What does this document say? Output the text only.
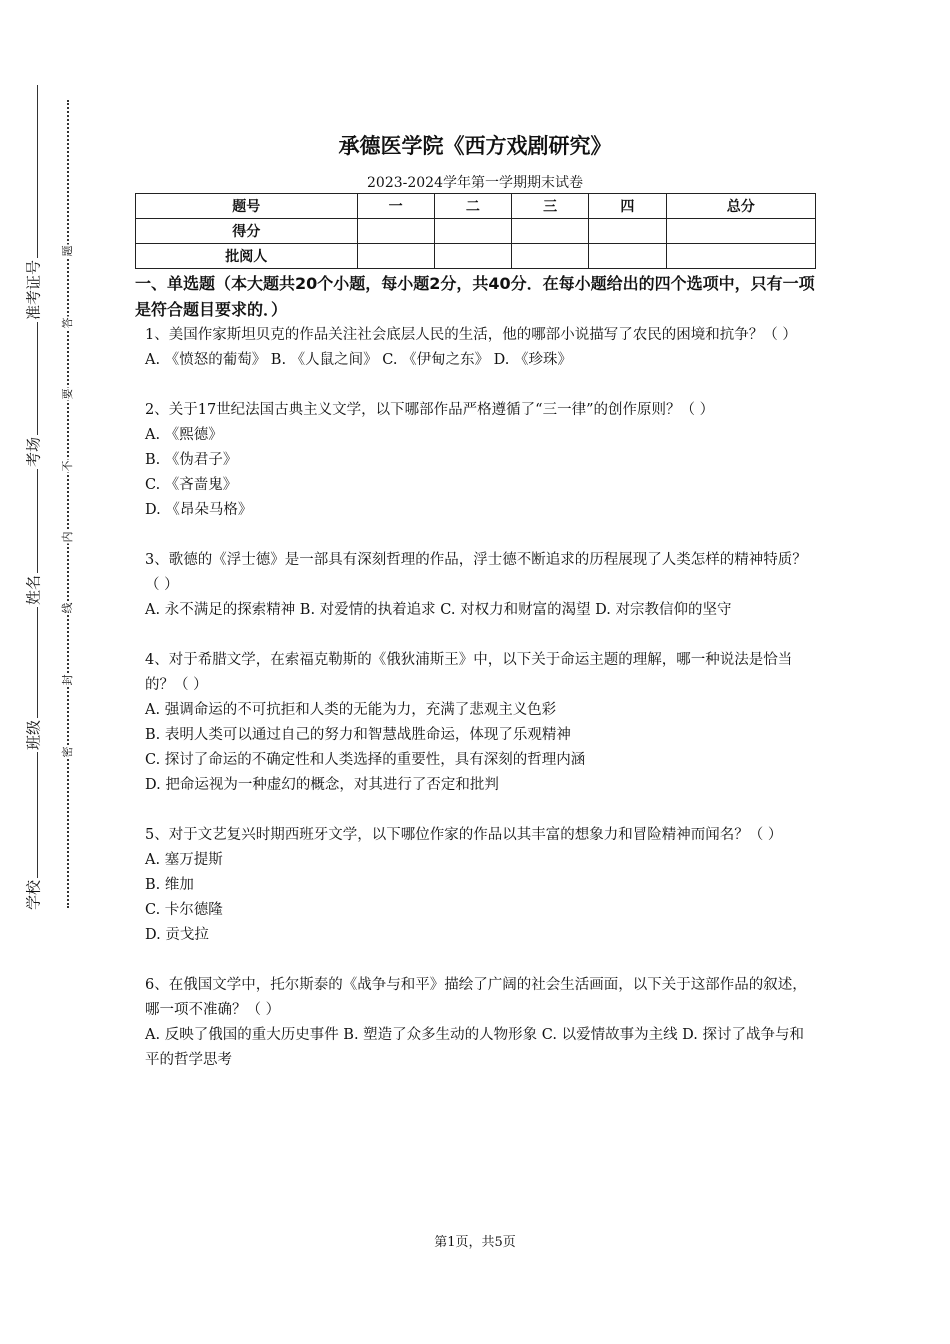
学校
班级
姓名
考场
准考证号
密
封
线
内
不
要
答
题
承德医学院《西方戏剧研究》
2023-2024学年第一学期期末试卷
题号	一	二	三	四	总分
得分					
批阅人					
一、单选题（本大题共20个小题，每小题2分，共40分．在每小题给出的四个选项中，只有一项是符合题目要求的．）

1、美国作家斯坦贝克的作品关注社会底层人民的生活，他的哪部小说描写了农民的困境和抗争？（ ）

A. 《愤怒的葡萄》 B. 《人鼠之间》 C. 《伊甸之东》 D. 《珍珠》

2、关于17世纪法国古典主义文学，以下哪部作品严格遵循了“三一律”的创作原则？（ ）

A. 《熙德》

B. 《伪君子》

C. 《吝啬鬼》

D. 《昂朵马格》

3、歌德的《浮士德》是一部具有深刻哲理的作品，浮士德不断追求的历程展现了人类怎样的精神特质？（ ）

A. 永不满足的探索精神 B. 对爱情的执着追求 C. 对权力和财富的渴望 D. 对宗教信仰的坚守

4、对于希腊文学，在索福克勒斯的《俄狄浦斯王》中，以下关于命运主题的理解，哪一种说法是恰当的？（ ）

A. 强调命运的不可抗拒和人类的无能为力，充满了悲观主义色彩

B. 表明人类可以通过自己的努力和智慧战胜命运，体现了乐观精神

C. 探讨了命运的不确定性和人类选择的重要性，具有深刻的哲理内涵

D. 把命运视为一种虚幻的概念，对其进行了否定和批判

5、对于文艺复兴时期西班牙文学，以下哪位作家的作品以其丰富的想象力和冒险精神而闻名？（ ）

A. 塞万提斯

B. 维加

C. 卡尔德隆

D. 贡戈拉

6、在俄国文学中，托尔斯泰的《战争与和平》描绘了广阔的社会生活画面，以下关于这部作品的叙述，哪一项不准确？（ ）

A. 反映了俄国的重大历史事件 B. 塑造了众多生动的人物形象 C. 以爱情故事为主线 D. 探讨了战争与和平的哲学思考

第1页，共5页
